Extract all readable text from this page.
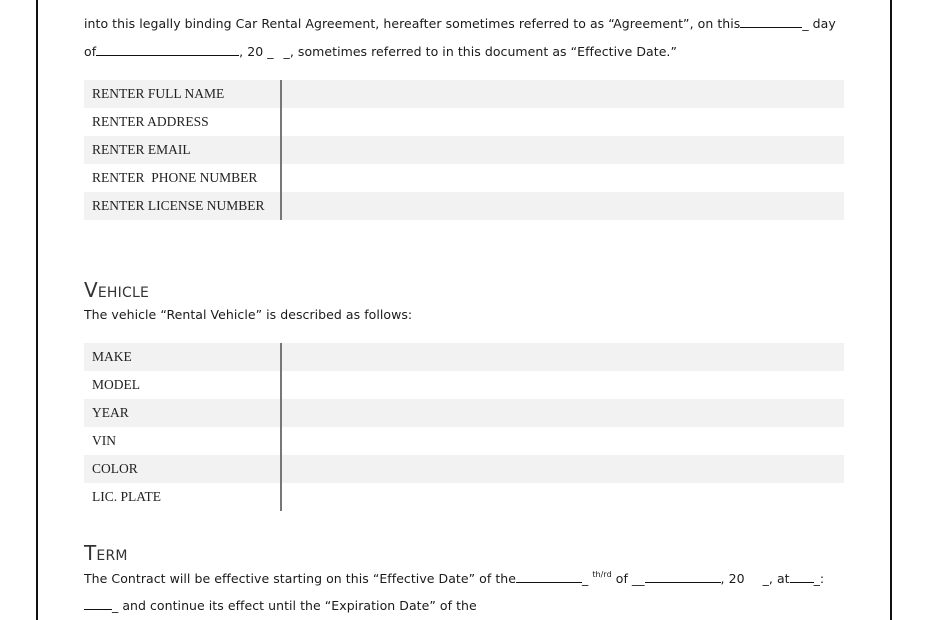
into this legally binding Car Rental Agreement, hereafter sometimes referred to as “Agreement”, on this	_ day
of	, 20 _ _, sometimes referred to in this document as “Effective Date.”
RENTER FULL NAME	
RENTER ADDRESS	
RENTER EMAIL	
RENTER  PHONE NUMBER	
RENTER LICENSE NUMBER	
Vehicle
The vehicle “Rental Vehicle” is described as follows:
MAKE	
MODEL	
YEAR	
VIN	
COLOR	
LIC. PLATE	
Term
The Contract will be effective starting on this “Effective Date” of the	_ $^{th/rd}$ of __	, 20 _, at _:
_ and continue its effect until the “Expiration Date” of the
